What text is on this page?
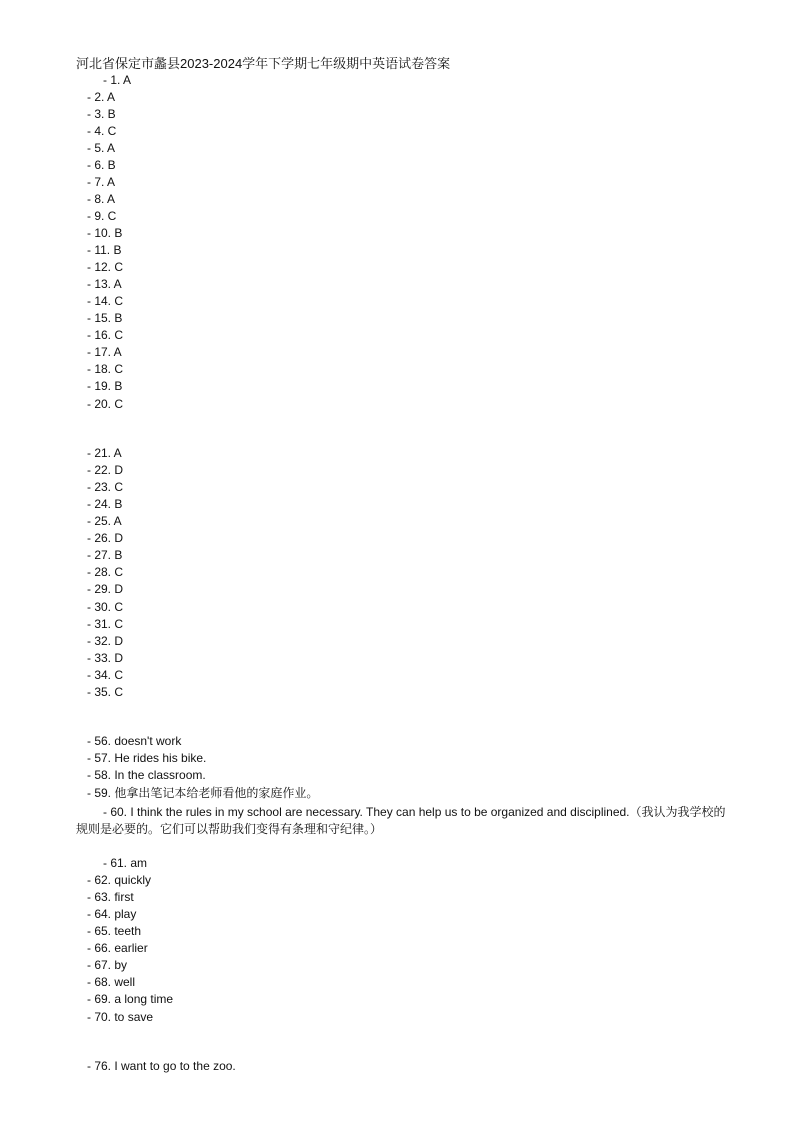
河北省保定市蠡县2023-2024学年下学期七年级期中英语试卷答案
- 1. A
- 2. A
- 3. B
- 4. C
- 5. A
- 6. B
- 7. A
- 8. A
- 9. C
- 10. B
- 11. B
- 12. C
- 13. A
- 14. C
- 15. B
- 16. C
- 17. A
- 18. C
- 19. B
- 20. C
- 21. A
- 22. D
- 23. C
- 24. B
- 25. A
- 26. D
- 27. B
- 28. C
- 29. D
- 30. C
- 31. C
- 32. D
- 33. D
- 34. C
- 35. C
- 56. doesn't work
- 57. He rides his bike.
- 58. In the classroom.
- 59. 他拿出笔记本给老师看他的家庭作业。
- 60. I think the rules in my school are necessary. They can help us to be organized and disciplined.（我认为我学校的规则是必要的。它们可以帮助我们变得有条理和守纪律。）
- 61. am
- 62. quickly
- 63. first
- 64. play
- 65. teeth
- 66. earlier
- 67. by
- 68. well
- 69. a long time
- 70. to save
- 76. I want to go to the zoo.
